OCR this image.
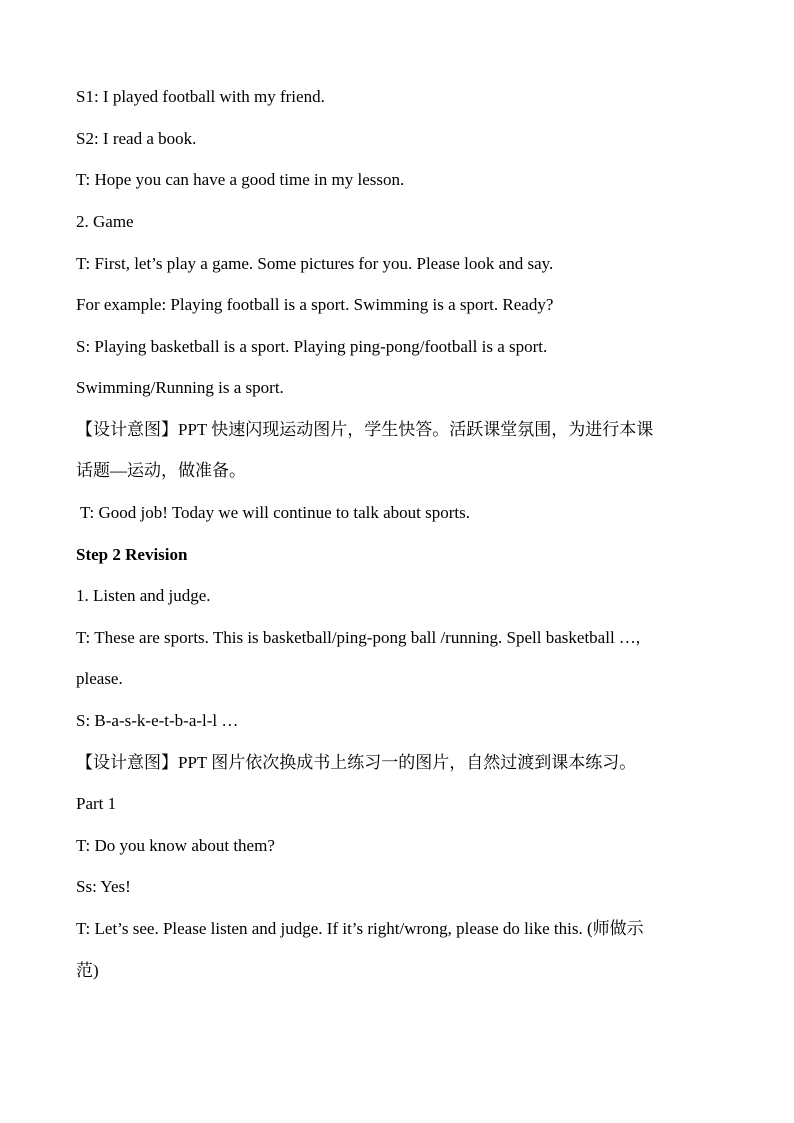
S1: I played football with my friend.
S2: I read a book.
T: Hope you can have a good time in my lesson.
2. Game
T: First, let’s play a game. Some pictures for you. Please look and say.
For example: Playing football is a sport. Swimming is a sport. Ready?
S: Playing basketball is a sport. Playing ping-pong/football is a sport.
Swimming/Running is a sport.
【设计意图】PPT 快速闪现运动图片，学生快答。活跃课堂氛围，为进行本课
话题—运动，做准备。
T: Good job! Today we will continue to talk about sports.
Step 2 Revision
1. Listen and judge.
T: These are sports. This is basketball/ping-pong ball /running. Spell basketball …,
please.
S: B-a-s-k-e-t-b-a-l-l …
【设计意图】PPT 图片依次换成书上练习一的图片，自然过渡到课本练习。
Part 1
T: Do you know about them?
Ss: Yes!
T: Let’s see. Please listen and judge. If it’s right/wrong, please do like this. (师做示
范)
